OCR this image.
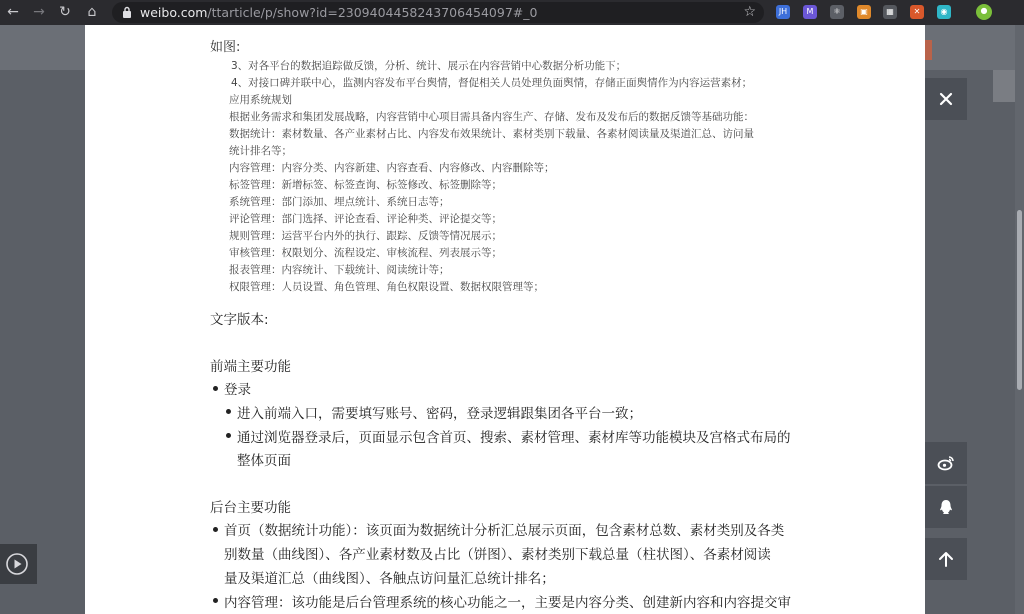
← → ↻	⌂	weibo.com/ttarticle/p/show?id=2309404458243706454097#_0	☆	JH	M	⚛	▣	▦	✕	◉	●
如图:
3、对各平台的数据追踪做反馈，分析、统计、展示在内容营销中心数据分析功能下；
4、对接口碑并联中心，监测内容发布平台舆情，督促相关人员处理负面舆情，存储正面舆情作为内容运营素材；
应用系统规划
根据业务需求和集团发展战略，内容营销中心项目需具备内容生产、存储、发布及发布后的数据反馈等基础功能：
数据统计：素材数量、各产业素材占比、内容发布效果统计、素材类别下载量、各素材阅读量及渠道汇总、访问量
统计排名等；
内容管理：内容分类、内容新建、内容查看、内容修改、内容删除等；
标签管理：新增标签、标签查询、标签修改、标签删除等；
系统管理：部门添加、埋点统计、系统日志等；
评论管理：部门选择、评论查看、评论种类、评论提交等；
规则管理：运营平台内外的执行、跟踪、反馈等情况展示；
审核管理：权限划分、流程设定、审核流程、列表展示等；
报表管理：内容统计、下载统计、阅读统计等；
权限管理：人员设置、角色管理、角色权限设置、数据权限管理等；
文字版本:
前端主要功能
登录
进入前端入口，需要填写账号、密码，登录逻辑跟集团各平台一致；
通过浏览器登录后，页面显示包含首页、搜索、素材管理、素材库等功能模块及宫格式布局的
整体页面
后台主要功能
首页（数据统计功能）：该页面为数据统计分析汇总展示页面，包含素材总数、素材类别及各类
别数量（曲线图）、各产业素材数及占比（饼图）、素材类别下载总量（柱状图）、各素材阅读
量及渠道汇总（曲线图）、各触点访问量汇总统计排名；
内容管理：该功能是后台管理系统的核心功能之一，主要是内容分类、创建新内容和内容提交审
